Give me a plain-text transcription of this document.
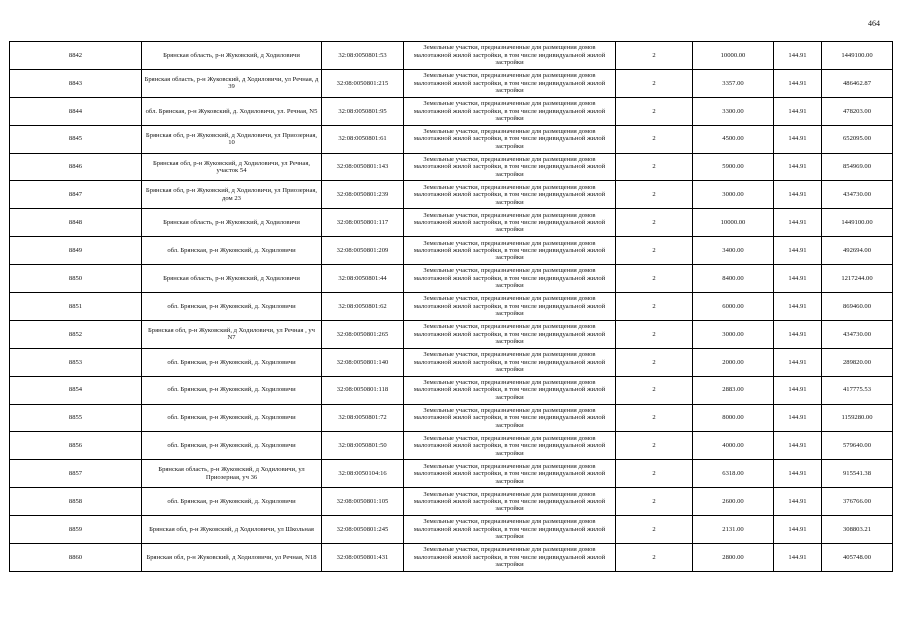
464
8842	Брянская область, р-н Жуковский, д Ходиловичи	32:08:0050801:53	Земельные участки, предназначенные для размещения домов малоэтажной жилой застройки, в том числе индивидуальной жилой застройки	2	10000.00	144.91	1449100.00
8843	Брянская область, р-н Жуковский, д Ходиловичи, ул Речная, д 39	32:08:0050801:215	Земельные участки, предназначенные для размещения домов малоэтажной жилой застройки, в том числе индивидуальной жилой застройки	2	3357.00	144.91	486462.87
8844	обл. Брянская, р-н Жуковский, д. Ходиловичи, ул. Речная, N5	32:08:0050801:95	Земельные участки, предназначенные для размещения домов малоэтажной жилой застройки, в том числе индивидуальной жилой застройки	2	3300.00	144.91	478203.00
8845	Брянская обл, р-н Жуковский, д Ходиловичи, ул Приозерная, 10	32:08:0050801:61	Земельные участки, предназначенные для размещения домов малоэтажной жилой застройки, в том числе индивидуальной жилой застройки	2	4500.00	144.91	652095.00
8846	Брянская обл, р-н Жуковский, д Ходиловичи, ул Речная, участок 54	32:08:0050801:143	Земельные участки, предназначенные для размещения домов малоэтажной жилой застройки, в том числе индивидуальной жилой застройки	2	5900.00	144.91	854969.00
8847	Брянская обл, р-н Жуковский, д Ходиловичи, ул Приозерная, дом 23	32:08:0050801:239	Земельные участки, предназначенные для размещения домов малоэтажной жилой застройки, в том числе индивидуальной жилой застройки	2	3000.00	144.91	434730.00
8848	Брянская область, р-н Жуковский, д Ходиловичи	32:08:0050801:117	Земельные участки, предназначенные для размещения домов малоэтажной жилой застройки, в том числе индивидуальной жилой застройки	2	10000.00	144.91	1449100.00
8849	обл. Брянская, р-н Жуковский, д. Ходиловичи	32:08:0050801:209	Земельные участки, предназначенные для размещения домов малоэтажной жилой застройки, в том числе индивидуальной жилой застройки	2	3400.00	144.91	492694.00
8850	Брянская область, р-н Жуковский, д Ходиловичи	32:08:0050801:44	Земельные участки, предназначенные для размещения домов малоэтажной жилой застройки, в том числе индивидуальной жилой застройки	2	8400.00	144.91	1217244.00
8851	обл. Брянская, р-н Жуковский, д. Ходиловичи	32:08:0050801:62	Земельные участки, предназначенные для размещения домов малоэтажной жилой застройки, в том числе индивидуальной жилой застройки	2	6000.00	144.91	869460.00
8852	Брянская обл, р-н Жуковский, д Ходиловичи, ул Речная , уч N7	32:08:0050801:265	Земельные участки, предназначенные для размещения домов малоэтажной жилой застройки, в том числе индивидуальной жилой застройки	2	3000.00	144.91	434730.00
8853	обл. Брянская, р-н Жуковский, д. Ходиловичи	32:08:0050801:140	Земельные участки, предназначенные для размещения домов малоэтажной жилой застройки, в том числе индивидуальной жилой застройки	2	2000.00	144.91	289820.00
8854	обл. Брянская, р-н Жуковский, д. Ходиловичи	32:08:0050801:118	Земельные участки, предназначенные для размещения домов малоэтажной жилой застройки, в том числе индивидуальной жилой застройки	2	2883.00	144.91	417775.53
8855	обл. Брянская, р-н Жуковский, д. Ходиловичи	32:08:0050801:72	Земельные участки, предназначенные для размещения домов малоэтажной жилой застройки, в том числе индивидуальной жилой застройки	2	8000.00	144.91	1159280.00
8856	обл. Брянская, р-н Жуковский, д. Ходиловичи	32:08:0050801:50	Земельные участки, предназначенные для размещения домов малоэтажной жилой застройки, в том числе индивидуальной жилой застройки	2	4000.00	144.91	579640.00
8857	Брянская область, р-н Жуковский, д Ходиловичи, ул Приозерная, уч 36	32:08:0050104:16	Земельные участки, предназначенные для размещения домов малоэтажной жилой застройки, в том числе индивидуальной жилой застройки	2	6318.00	144.91	915541.38
8858	обл. Брянская, р-н Жуковский, д. Ходиловичи	32:08:0050801:105	Земельные участки, предназначенные для размещения домов малоэтажной жилой застройки, в том числе индивидуальной жилой застройки	2	2600.00	144.91	376766.00
8859	Брянская обл, р-н Жуковский, д Ходиловичи, ул Школьная	32:08:0050801:245	Земельные участки, предназначенные для размещения домов малоэтажной жилой застройки, в том числе индивидуальной жилой застройки	2	2131.00	144.91	308803.21
8860	Брянская обл, р-н Жуковский, д Ходиловичи, ул Речная, N18	32:08:0050801:431	Земельные участки, предназначенные для размещения домов малоэтажной жилой застройки, в том числе индивидуальной жилой застройки	2	2800.00	144.91	405748.00
